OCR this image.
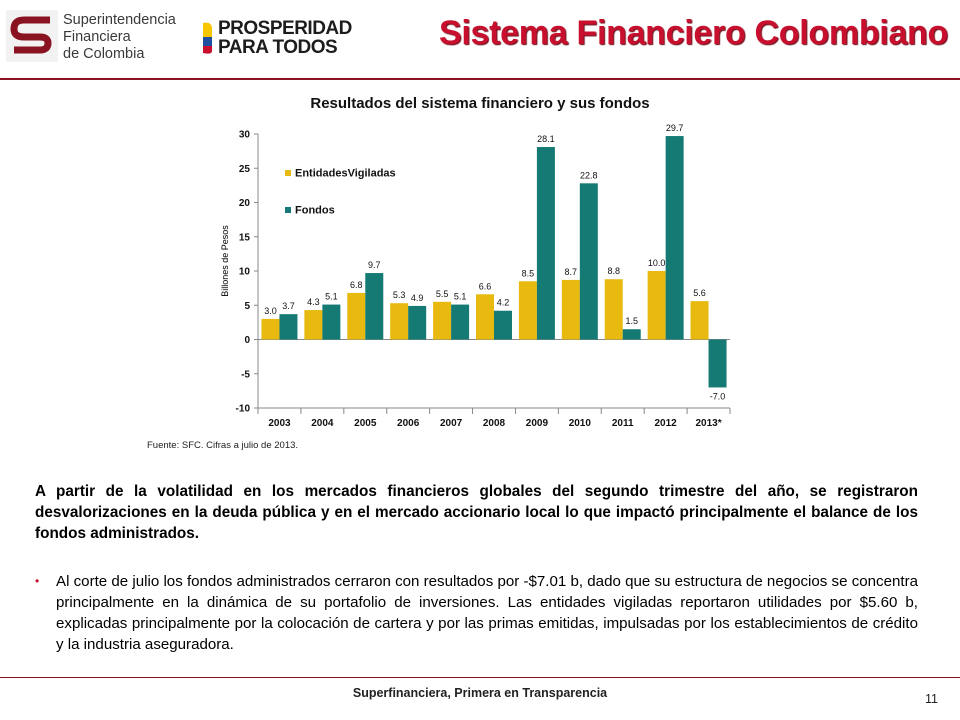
Superintendencia
Financiera
de Colombia
PROSPERIDAD
PARA TODOS	Sistema Financiero Colombiano
Resultados del sistema financiero y sus fondos
Billones de Pesos
30
25
20
15
10
5
0
-5
-10
2003 2004 2005 2006 2007 2008 2009 2010 2011 2012 2013*
3.0
4.3
6.8
5.3	5.5
6.6
8.5	8.7	8.8
10.0
5.6
3.7
5.1
9.7
4.9	5.1
4.2
28.1
22.8
1.5
29.7
-7.0
EntidadesVigiladas
Fondos
Fuente: SFC. Cifras a julio de 2013.
A partir de la volatilidad en los mercados financieros globales del segundo trimestre del año, se registraron desvalorizaciones en la deuda pública y en el mercado accionario local lo que impactó principalmente el balance de los fondos administrados.
• Al corte de julio los fondos administrados cerraron con resultados por -$7.01 b, dado que su estructura de negocios se concentra principalmente en la dinámica de su portafolio de inversiones. Las entidades vigiladas reportaron utilidades por $5.60 b, explicadas principalmente por la colocación de cartera y por las primas emitidas, impulsadas por los establecimientos de crédito y la industria aseguradora.
Superfinanciera, Primera en Transparencia	11
